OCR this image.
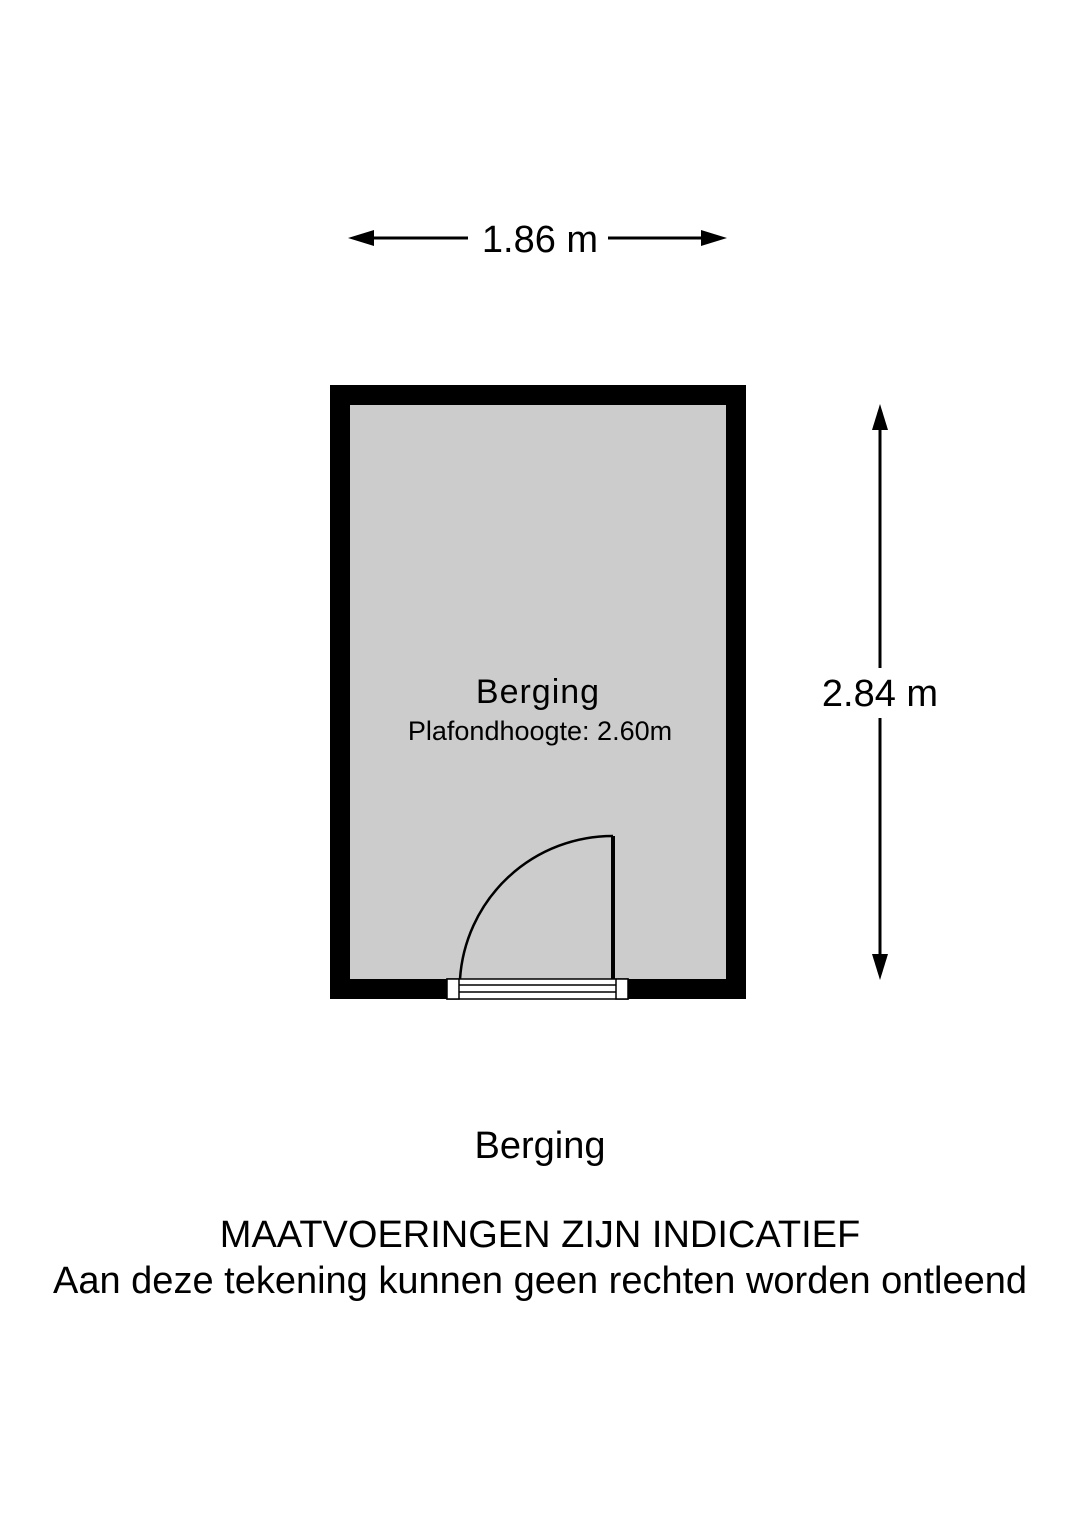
1.86 m
2.84 m
Berging
Plafondhoogte: 2.60m
Berging
MAATVOERINGEN ZIJN INDICATIEF
Aan deze tekening kunnen geen rechten worden ontleend
